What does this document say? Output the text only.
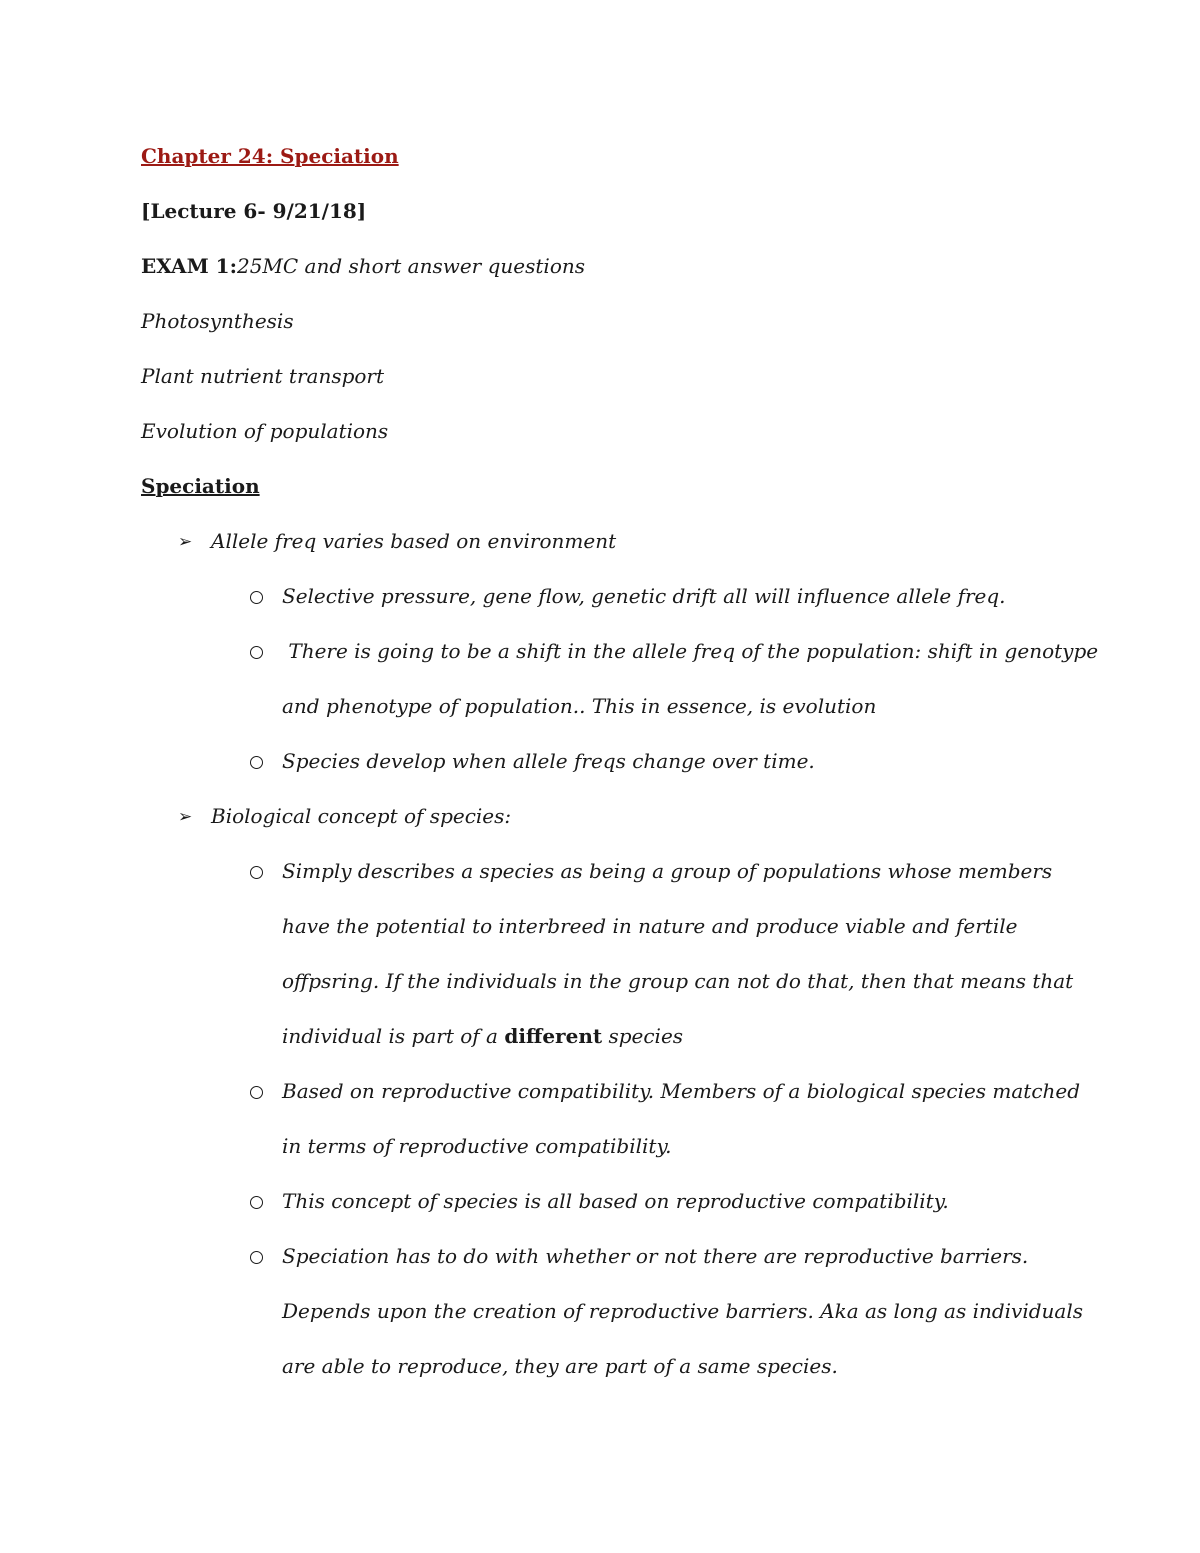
Chapter 24: Speciation
[Lecture 6- 9/21/18]
EXAM 1:25MC and short answer questions
Photosynthesis
Plant nutrient transport
Evolution of populations
Speciation
➢ Allele freq varies based on environment
Selective pressure, gene flow, genetic drift all will influence allele freq.
There is going to be a shift in the allele freq of the population: shift in genotype
and phenotype of population.. This in essence, is evolution
Species develop when allele freqs change over time.
➢ Biological concept of species:
Simply describes a species as being a group of populations whose members
have the potential to interbreed in nature and produce viable and fertile
offpsring. If the individuals in the group can not do that, then that means that
individual is part of a different species
Based on reproductive compatibility. Members of a biological species matched
in terms of reproductive compatibility.
This concept of species is all based on reproductive compatibility.
Speciation has to do with whether or not there are reproductive barriers.
Depends upon the creation of reproductive barriers. Aka as long as individuals
are able to reproduce, they are part of a same species.
